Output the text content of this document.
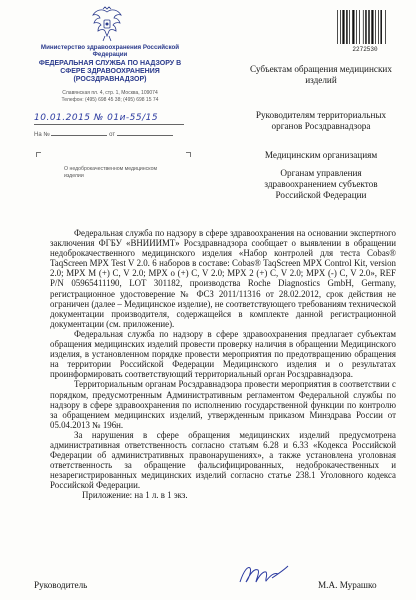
Министерство здравоохранения Российской Федерации
ФЕДЕРАЛЬНАЯ СЛУЖБА ПО НАДЗОРУ В СФЕРЕ ЗДРАВООХРАНЕНИЯ (РОСЗДРАВНАДЗОР)
Славянская пл. 4, стр. 1, Москва, 109074
Телефон: (495) 698 45 38; (495) 698 15 74
10.01.2015 № 01и-55/15
На №	от
О недоброкачественном медицинском изделии
2272530
Субъектам обращения медицинских изделий
Руководителям территориальных органов Росздравнадзора
Медицинским организациям
Органам управления здравоохранением субъектов Российской Федерации

Федеральная служба по надзору в сфере здравоохранения на основании экспертного заключения ФГБУ «ВНИИИМТ» Росздравнадзора сообщает о выявлении в обращении недоброкачественного медицинского изделия «Набор контролей для теста Cobas® TaqScreen MPX Test V 2.0. 6 наборов в составе: Cobas® TaqScreen MPX Control Kit, version 2.0; MPX M (+) C, V 2.0; MPX о (+) C, V 2.0; MPX 2 (+) C, V 2.0; MPX (-) C, V 2.0», REF P/N 05965411190, LOT 301182, производства Roche Diagnostics GmbH, Germany, регистрационное удостоверение № ФСЗ 2011/11316 от 28.02.2012, срок действия не ограничен (далее – Медицинское изделие), не соответствующего требованиям технической документации производителя, содержащейся в комплекте данной регистрационной документации (см. приложение).

Федеральная служба по надзору в сфере здравоохранения предлагает субъектам обращения медицинских изделий провести проверку наличия в обращении Медицинского изделия, в установленном порядке провести мероприятия по предотвращению обращения на территории Российской Федерации Медицинского изделия и о результатах проинформировать соответствующий территориальный орган Росздравнадзора.

Территориальным органам Росздравнадзора провести мероприятия в соответствии с порядком, предусмотренным Административным регламентом Федеральной службы по надзору в сфере здравоохранения по исполнению государственной функции по контролю за обращением медицинских изделий, утвержденным приказом Минздрава России от 05.04.2013 № 196н.

За нарушения в сфере обращения медицинских изделий предусмотрена административная ответственность согласно статьям 6.28 и 6.33 «Кодекса Российской Федерации об административных правонарушениях», а также установлена уголовная ответственность за обращение фальсифицированных, недоброкачественных и незарегистрированных медицинских изделий согласно статье 238.1 Уголовного кодекса Российской Федерации.

Приложение: на 1 л. в 1 экз.

Руководитель	М.А. Мурашко
